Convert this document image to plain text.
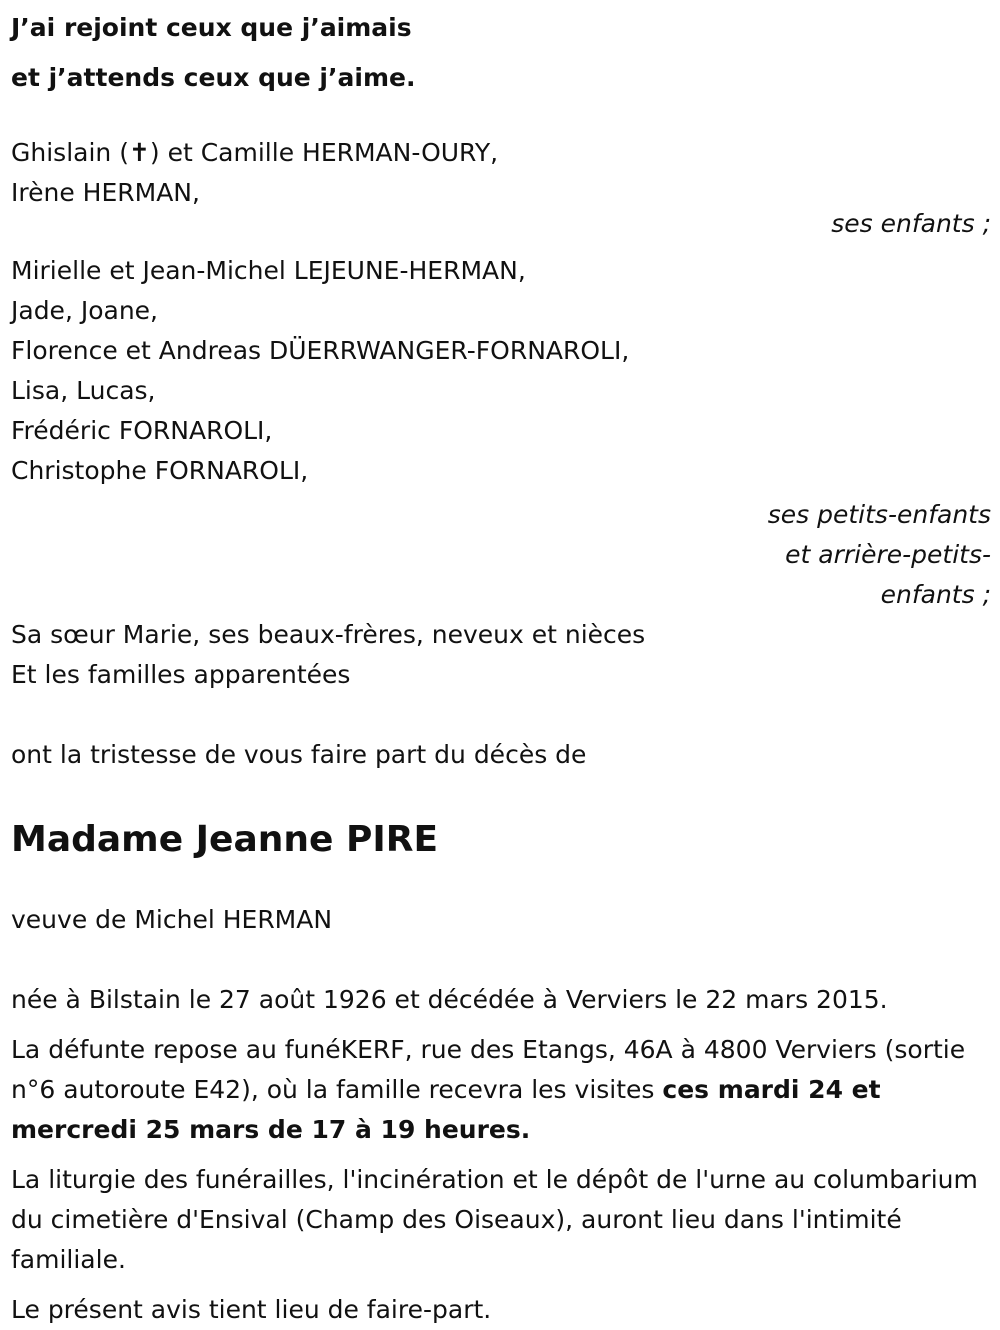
J’ai rejoint ceux que j’aimais
et j’attends ceux que j’aime.
Ghislain (✝) et Camille HERMAN-OURY,
Irène HERMAN,
ses enfants ;
Mirielle et Jean-Michel LEJEUNE-HERMAN,
Jade, Joane,
Florence et Andreas DÜERRWANGER-FORNAROLI,
Lisa, Lucas,
Frédéric FORNAROLI,
Christophe FORNAROLI,
ses petits-enfants
et arrière-petits-
enfants ;
Sa sœur Marie, ses beaux-frères, neveux et nièces
Et les familles apparentées
ont la tristesse de vous faire part du décès de
Madame Jeanne PIRE
veuve de Michel HERMAN
née à Bilstain le 27 août 1926 et décédée à Verviers le 22 mars 2015.
La défunte repose au funéKERF, rue des Etangs, 46A à 4800 Verviers (sortie n°6 autoroute E42), où la famille recevra les visites ces mardi 24 et mercredi 25 mars de 17 à 19 heures.
La liturgie des funérailles, l'incinération et le dépôt de l'urne au columbarium du cimetière d'Ensival (Champ des Oiseaux), auront lieu dans l'intimité familiale.
Le présent avis tient lieu de faire-part.
